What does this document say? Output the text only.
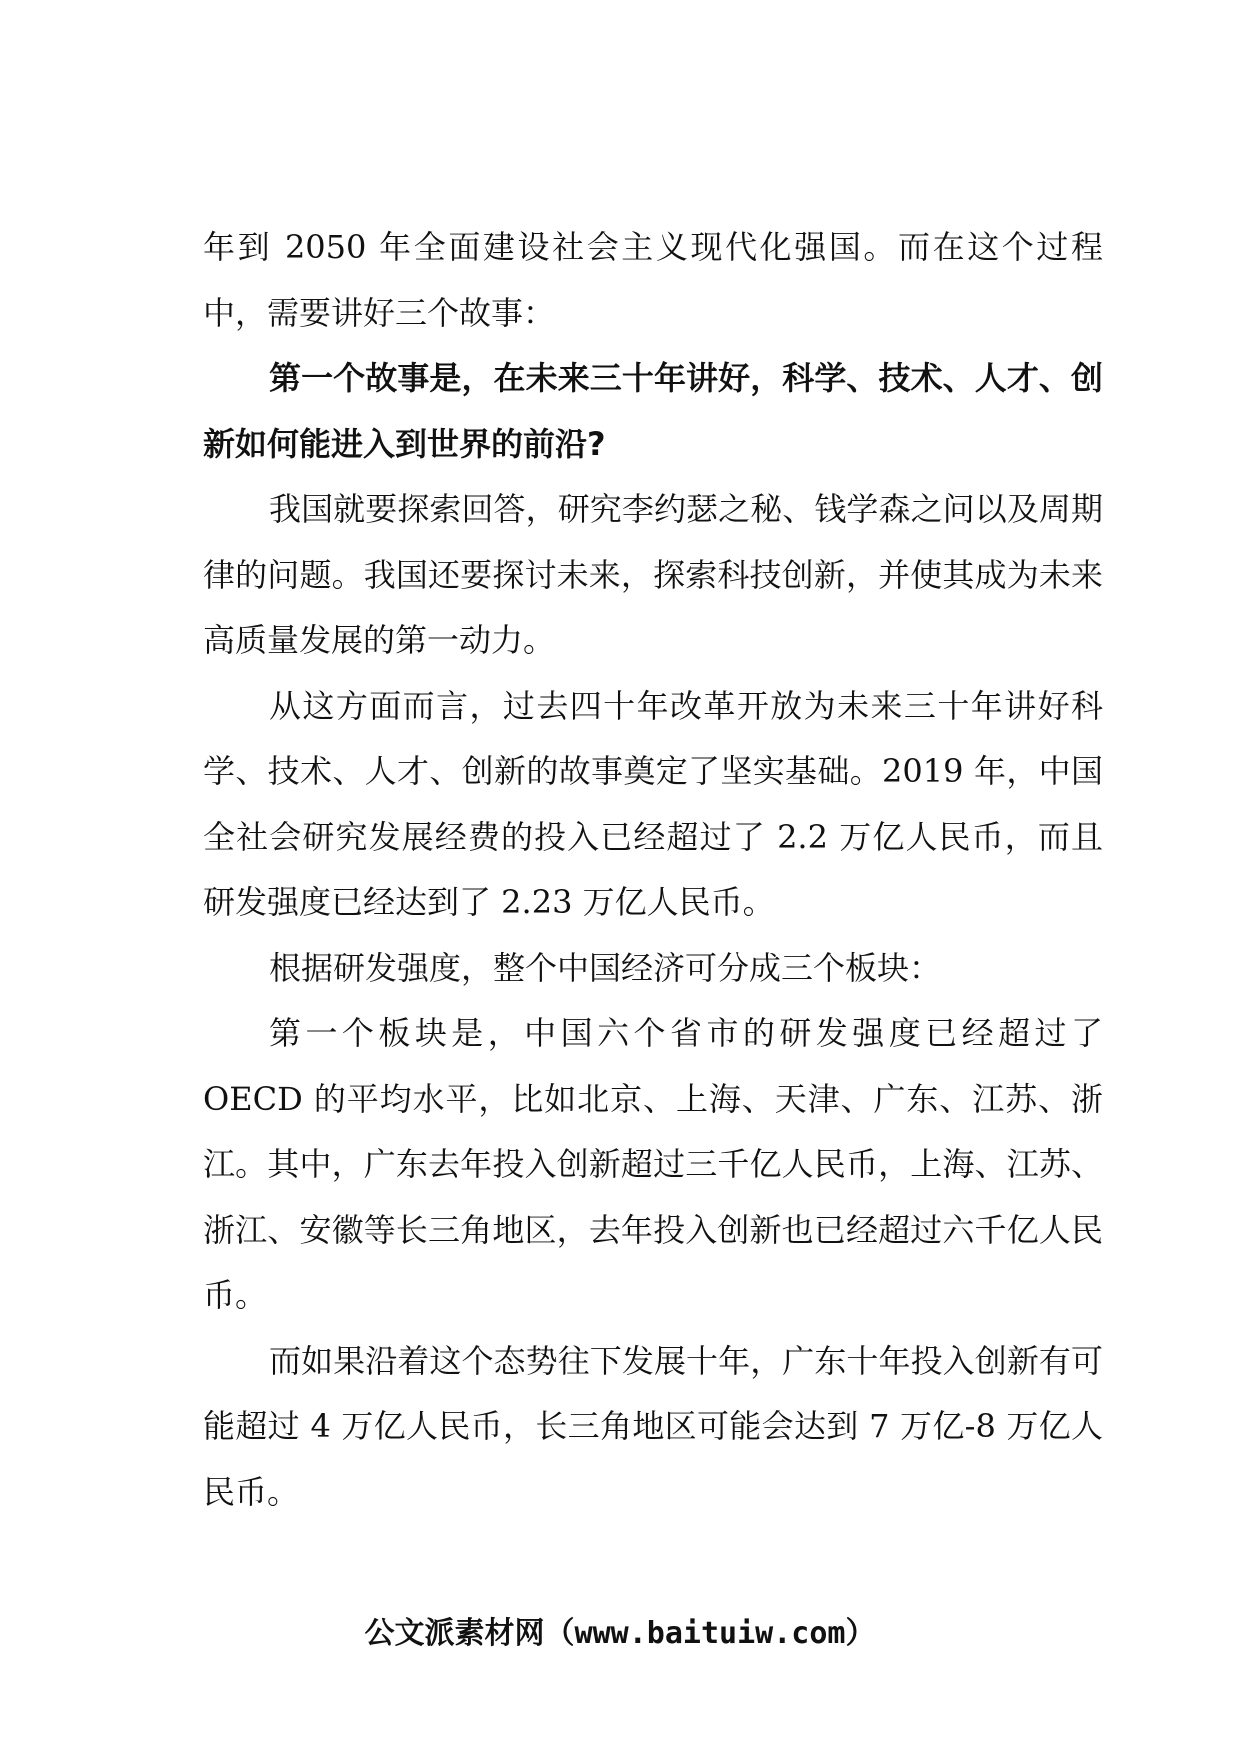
年到 2050 年全面建设社会主义现代化强国。而在这个过程中，需要讲好三个故事：

第一个故事是，在未来三十年讲好，科学、技术、人才、创新如何能进入到世界的前沿?

我国就要探索回答，研究李约瑟之秘、钱学森之问以及周期律的问题。我国还要探讨未来，探索科技创新，并使其成为未来高质量发展的第一动力。

从这方面而言，过去四十年改革开放为未来三十年讲好科学、技术、人才、创新的故事奠定了坚实基础。2019 年，中国全社会研究发展经费的投入已经超过了 2.2 万亿人民币，而且研发强度已经达到了 2.23 万亿人民币。

根据研发强度，整个中国经济可分成三个板块：

第一个板块是，中国六个省市的研发强度已经超过了 OECD 的平均水平，比如北京、上海、天津、广东、江苏、浙江。其中，广东去年投入创新超过三千亿人民币，上海、江苏、浙江、安徽等长三角地区，去年投入创新也已经超过六千亿人民币。

而如果沿着这个态势往下发展十年，广东十年投入创新有可能超过 4 万亿人民币，长三角地区可能会达到 7 万亿-8 万亿人民币。

公文派素材网（www.baituiw.com）
